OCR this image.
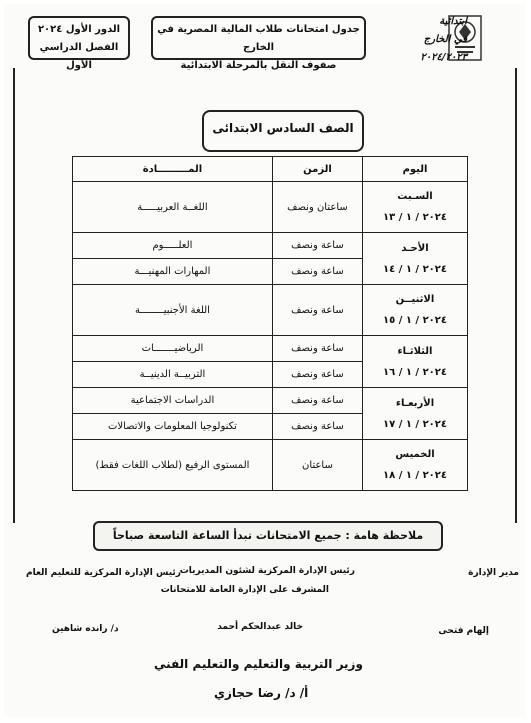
ابتدائية
في الخارج
٢٠٢٤/٢٠٢٣
جدول امتحانات طلاب المالية المصرية في الخارج
صفوف النقل بالمرحلة الابتدائية
الدور الأول ٢٠٢٤
الفصل الدراسي الأول
الصف السادس الابتدائى
اليوم	الزمن	المـــــــــادة

السـبت
٢٠٢٤ / ١ / ١٣	ساعتان ونصف	اللغــة العربيـــــة

الأحـد
٢٠٢٤ / ١ / ١٤	ساعة ونصف	العلـــــوم
	ساعة ونصف	المهارات المهنيـــة

الاثنيــن
٢٠٢٤ / ١ / ١٥	ساعة ونصف	اللغة الأجنبيــــــــة

الثلاثـاء
٢٠٢٤ / ١ / ١٦	ساعة ونصف	الرياضيـــــــات
	ساعة ونصف	التربيــة الدينيــة

الأربعـاء
٢٠٢٤ / ١ / ١٧	ساعة ونصف	الدراسات الاجتماعية
	ساعة ونصف	تكنولوجيا المعلومات والاتصالات

الخميس
٢٠٢٤ / ١ / ١٨	ساعتان	المستوى الرفيع (لطلاب اللغات فقط)
ملاحظة هامة : جميع الامتحانات تبدأ الساعة التاسعة صباحاً
مدير الإدارة
رئيس الإدارة المركزية لشئون المديريات
المشرف على الإدارة العامة للامتحانات
رئيس الإدارة المركزية للتعليم العام
إلهام فتحى
خالد عبدالحكم أحمد
د/ رانده شاهين
وزير التربية والتعليم والتعليم الفني
أ/ د/ رضا حجازي
